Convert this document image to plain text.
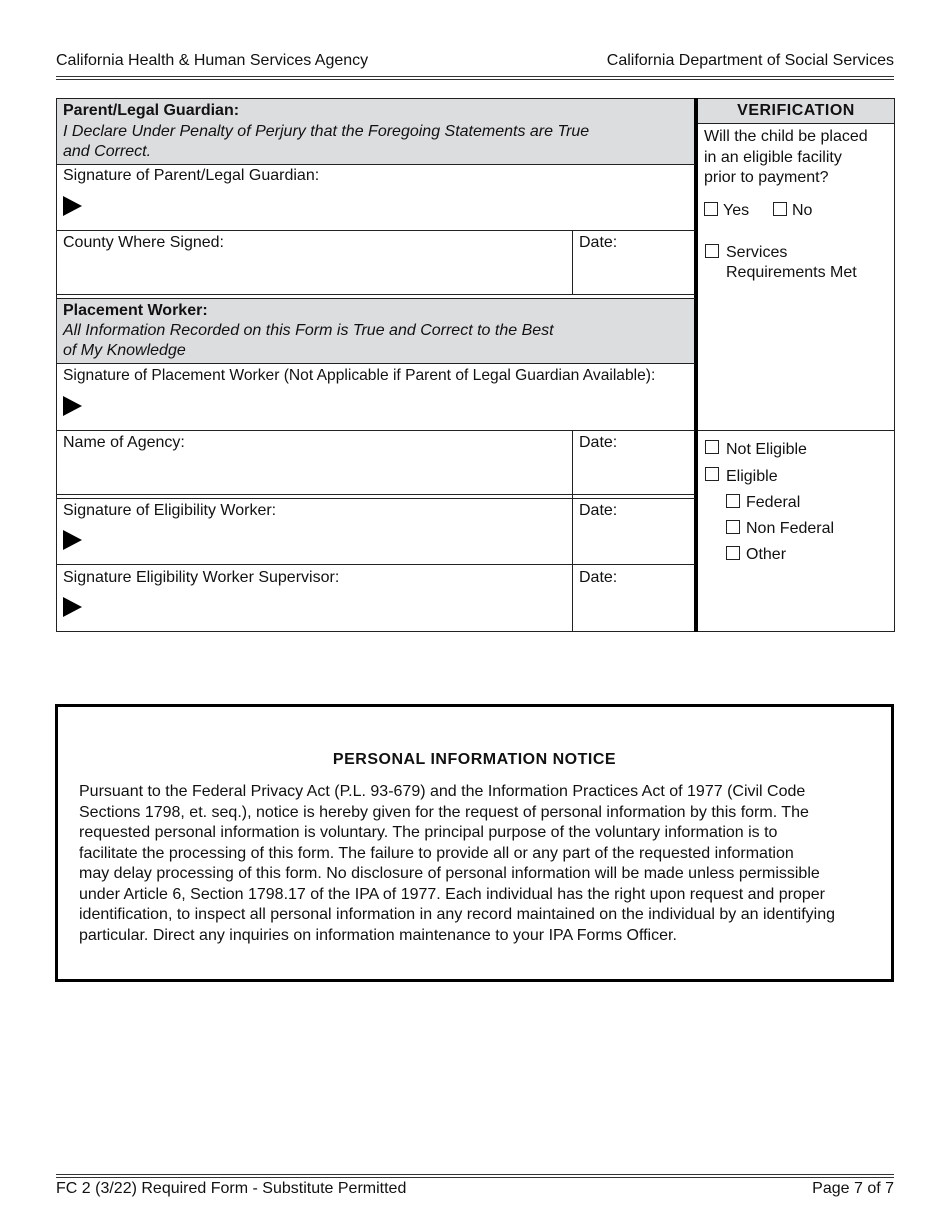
California Health & Human Services Agency	California Department of Social Services
Parent/Legal Guardian:
I Declare Under Penalty of Perjury that the Foregoing Statements are True
and Correct.
Signature of Parent/Legal Guardian:
County Where Signed:	Date:
Placement Worker:
All Information Recorded on this Form is True and Correct to the Best
of My Knowledge
Signature of Placement Worker (Not Applicable if Parent of Legal Guardian Available):
Name of Agency:	Date:
Signature of Eligibility Worker:	Date:
Signature Eligibility Worker Supervisor:	Date:
VERIFICATION
Will the child be placed
in an eligible facility
prior to payment?
Yes	No
Services
Requirements Met
Not Eligible
Eligible
Federal
Non Federal
Other
PERSONAL INFORMATION NOTICE
Pursuant to the Federal Privacy Act (P.L. 93-679) and the Information Practices Act of 1977 (Civil Code
Sections 1798, et. seq.), notice is hereby given for the request of personal information by this form. The
requested personal information is voluntary. The principal purpose of the voluntary information is to
facilitate the processing of this form. The failure to provide all or any part of the requested information
may delay processing of this form. No disclosure of personal information will be made unless permissible
under Article 6, Section 1798.17 of the IPA of 1977. Each individual has the right upon request and proper
identification, to inspect all personal information in any record maintained on the individual by an identifying
particular. Direct any inquiries on information maintenance to your IPA Forms Officer.
FC 2 (3/22) Required Form - Substitute Permitted	Page 7 of 7
